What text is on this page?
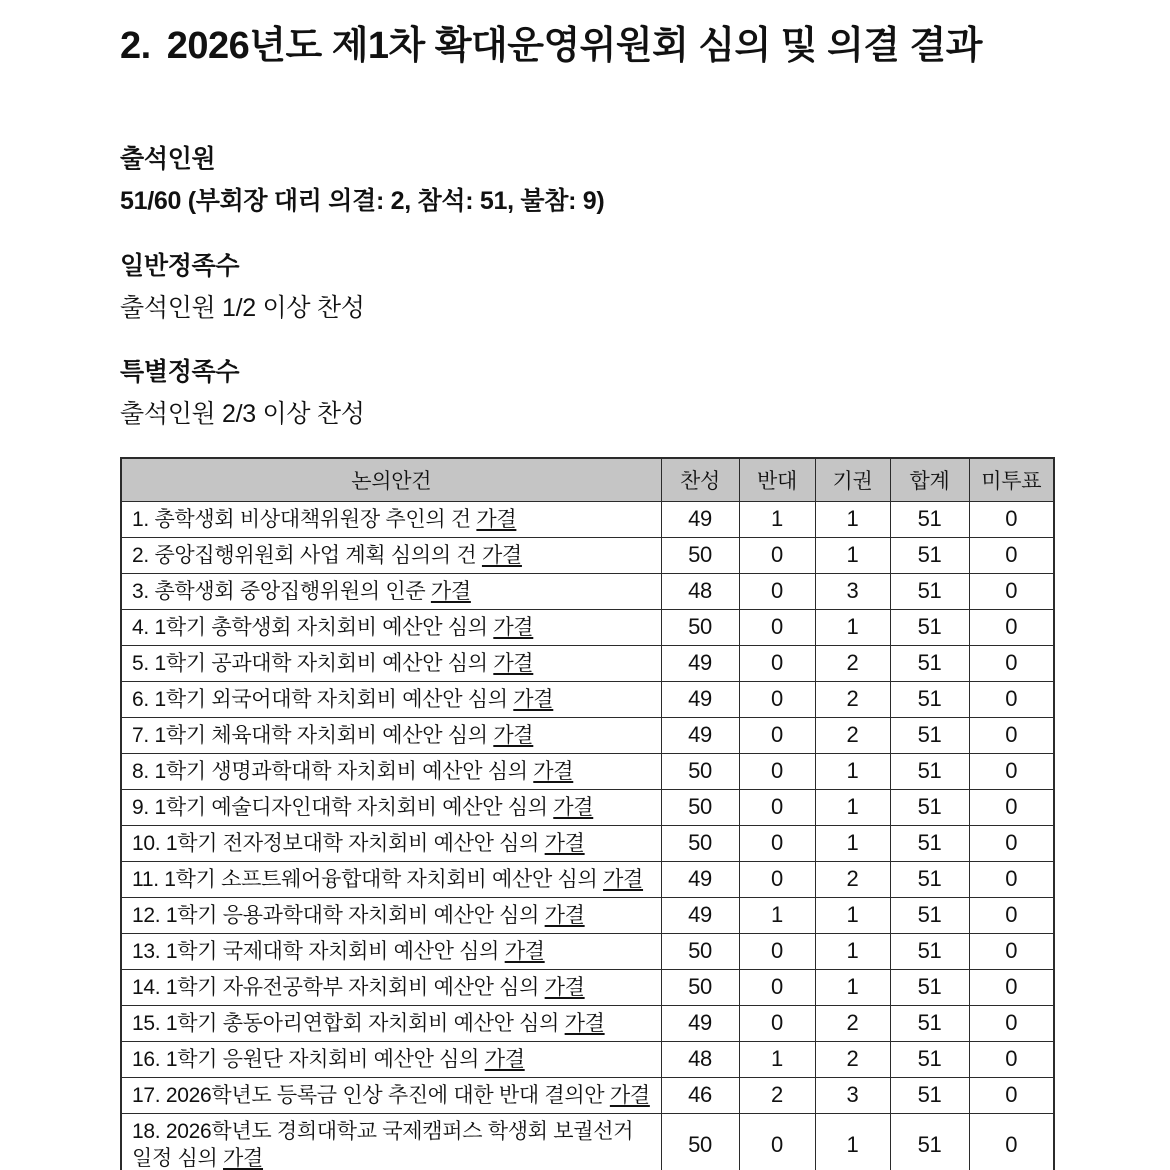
2. 2026년도 제1차 확대운영위원회 심의 및 의결 결과
출석인원

51/60 (부회장 대리 의결: 2, 참석: 51, 불참: 9)

일반정족수

출석인원 1/2 이상 찬성

특별정족수

출석인원 2/3 이상 찬성

논의안건	찬성	반대	기권	합계	미투표
1. 총학생회 비상대책위원장 추인의 건 가결	49	1	1	51	0
2. 중앙집행위원회 사업 계획 심의의 건 가결	50	0	1	51	0
3. 총학생회 중앙집행위원의 인준 가결	48	0	3	51	0
4. 1학기 총학생회 자치회비 예산안 심의 가결	50	0	1	51	0
5. 1학기 공과대학 자치회비 예산안 심의 가결	49	0	2	51	0
6. 1학기 외국어대학 자치회비 예산안 심의 가결	49	0	2	51	0
7. 1학기 체육대학 자치회비 예산안 심의 가결	49	0	2	51	0
8. 1학기 생명과학대학 자치회비 예산안 심의 가결	50	0	1	51	0
9. 1학기 예술디자인대학 자치회비 예산안 심의 가결	50	0	1	51	0
10. 1학기 전자정보대학 자치회비 예산안 심의 가결	50	0	1	51	0
11. 1학기 소프트웨어융합대학 자치회비 예산안 심의 가결	49	0	2	51	0
12. 1학기 응용과학대학 자치회비 예산안 심의 가결	49	1	1	51	0
13. 1학기 국제대학 자치회비 예산안 심의 가결	50	0	1	51	0
14. 1학기 자유전공학부 자치회비 예산안 심의 가결	50	0	1	51	0
15. 1학기 총동아리연합회 자치회비 예산안 심의 가결	49	0	2	51	0
16. 1학기 응원단 자치회비 예산안 심의 가결	48	1	2	51	0
17. 2026학년도 등록금 인상 추진에 대한 반대 결의안 가결	46	2	3	51	0
18. 2026학년도 경희대학교 국제캠퍼스 학생회 보궐선거 일정 심의 가결	50	0	1	51	0
